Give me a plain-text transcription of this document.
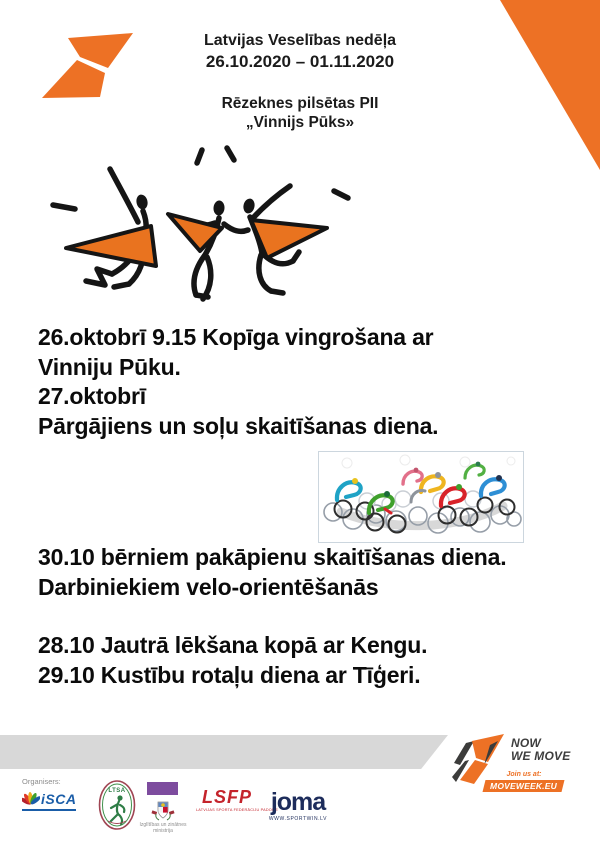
Latvijas Veselības nedēļa
26.10.2020 – 01.11.2020
Rēzeknes pilsētas PII
„Vinnijs Pūks»
26.oktobrī 9.15 Kopīga vingrošana ar
Vinniju Pūku.
27.oktobrī
Pārgājiens un soļu skaitīšanas diena.
30.10 bērniem pakāpienu skaitīšanas diena.
Darbiniekiem velo-orientēšanās
28.10 Jautrā lēkšana kopā ar Kengu.
29.10 Kustību rotaļu diena ar Tīģeri.
NOW
WE MOVE
Join us at:
MOVEWEEK.EU
Organisers:
iSCA	LTSA
Izglītības un zinātnes
ministrija
LSFP
LATVIJAS SPORTA FEDERĀCIJU PADOME
joma
WWW.SPORTWIN.LV
